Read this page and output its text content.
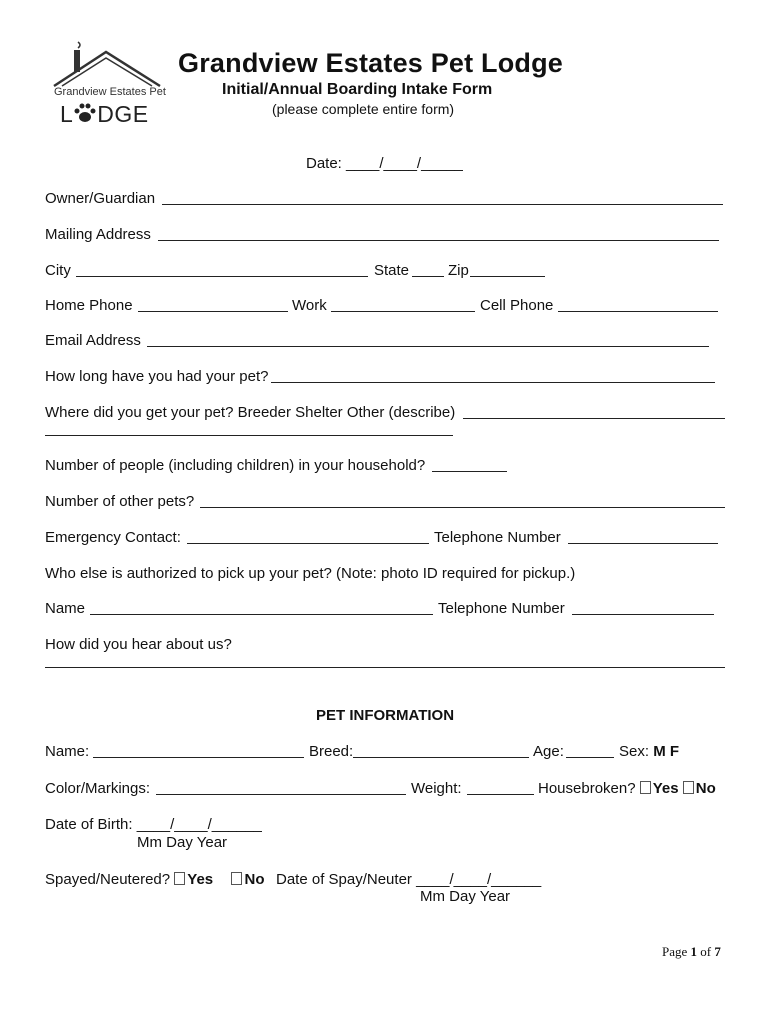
Grandview Estates Pet
L DGE
Grandview Estates Pet Lodge
Initial/Annual Boarding Intake Form
(please complete entire form)
Date: ____/____/_____
Owner/Guardian
Mailing Address
City	State	Zip
Home Phone	Work	Cell Phone
Email Address
How long have you had your pet?
Where did you get your pet? Breeder Shelter Other (describe)
Number of people (including children) in your household?
Number of other pets?
Emergency Contact:	Telephone Number
Who else is authorized to pick up your pet? (Note: photo ID required for pickup.)
Name	Telephone Number
How did you hear about us?
PET INFORMATION
Name:	Breed:	Age:	Sex: M F
Color/Markings:	Weight:	Housebroken? Yes No
Date of Birth: ____/____/______
Mm Day Year
Spayed/Neutered? Yes No Date of Spay/Neuter ____/____/______
Mm Day Year
Page 1 of 7
